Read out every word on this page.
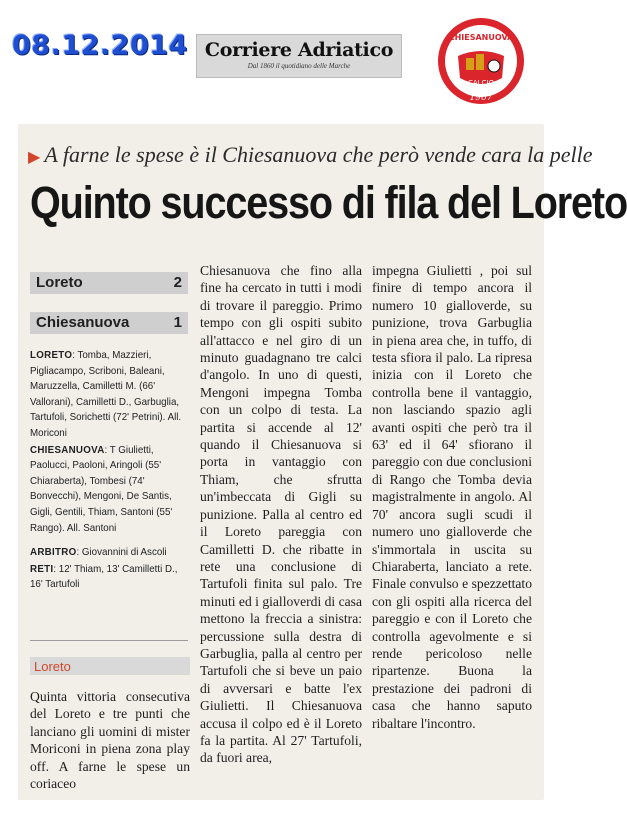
08.12.2014 Corriere Adriatico
Dal 1860 il quotidiano delle Marche
A.S.D.
CHIESANUOVA
CALCIO
1967
▶ A farne le spese è il Chiesanuova che però vende cara la pelle
Quinto successo di fila del Loreto
Loreto	2
Chiesanuova	1

LORETO: Tomba, Mazzieri, Pigliacampo, Scriboni, Baleani, Maruzzella, Camilletti M. (66' Vallorani), Camilletti D., Garbuglia, Tartufoli, Sorichetti (72' Petrini). All. Moriconi

CHIESANUOVA: T Giulietti, Paolucci, Paoloni, Aringoli (55' Chiaraberta), Tombesi (74' Bonvecchi), Mengoni, De Santis, Gigli, Gentili, Thiam, Santoni (55' Rango). All. Santoni

ARBITRO: Giovannini di Ascoli

RETI: 12' Thiam, 13' Camilletti D., 16' Tartufoli

Loreto

Quinta vittoria consecutiva del Loreto e tre punti che lanciano gli uomini di mister Moriconi in piena zona play off. A farne le spese un coriaceo

Chiesanuova che fino alla fine ha cercato in tutti i modi di trovare il pareggio. Primo tempo con gli ospiti subito all'attacco e nel giro di un minuto guadagnano tre calci d'angolo. In uno di questi, Mengoni impegna Tomba con un colpo di testa. La partita si accende al 12' quando il Chiesanuova si porta in vantaggio con Thiam, che sfrutta un'imbeccata di Gigli su punizione. Palla al centro ed il Loreto pareggia con Camilletti D. che ribatte in rete una conclusione di Tartufoli finita sul palo. Tre minuti ed i gialloverdi di casa mettono la freccia a sinistra: percussione sulla destra di Garbuglia, palla al centro per Tartufoli che si beve un paio di avversari e batte l'ex Giulietti. Il Chiesanuova accusa il colpo ed è il Loreto fa la partita. Al 27' Tartufoli, da fuori area,

impegna Giulietti , poi sul finire di tempo ancora il numero 10 gialloverde, su punizione, trova Garbuglia in piena area che, in tuffo, di testa sfiora il palo. La ripresa inizia con il Loreto che controlla bene il vantaggio, non lasciando spazio agli avanti ospiti che però tra il 63' ed il 64' sfiorano il pareggio con due conclusioni di Rango che Tomba devia magistralmente in angolo. Al 70' ancora sugli scudi il numero uno gialloverde che s'immortala in uscita su Chiaraberta, lanciato a rete. Finale convulso e spezzettato con gli ospiti alla ricerca del pareggio e con il Loreto che controlla agevolmente e si rende pericoloso nelle ripartenze. Buona la prestazione dei padroni di casa che hanno saputo ribaltare l'incontro.
